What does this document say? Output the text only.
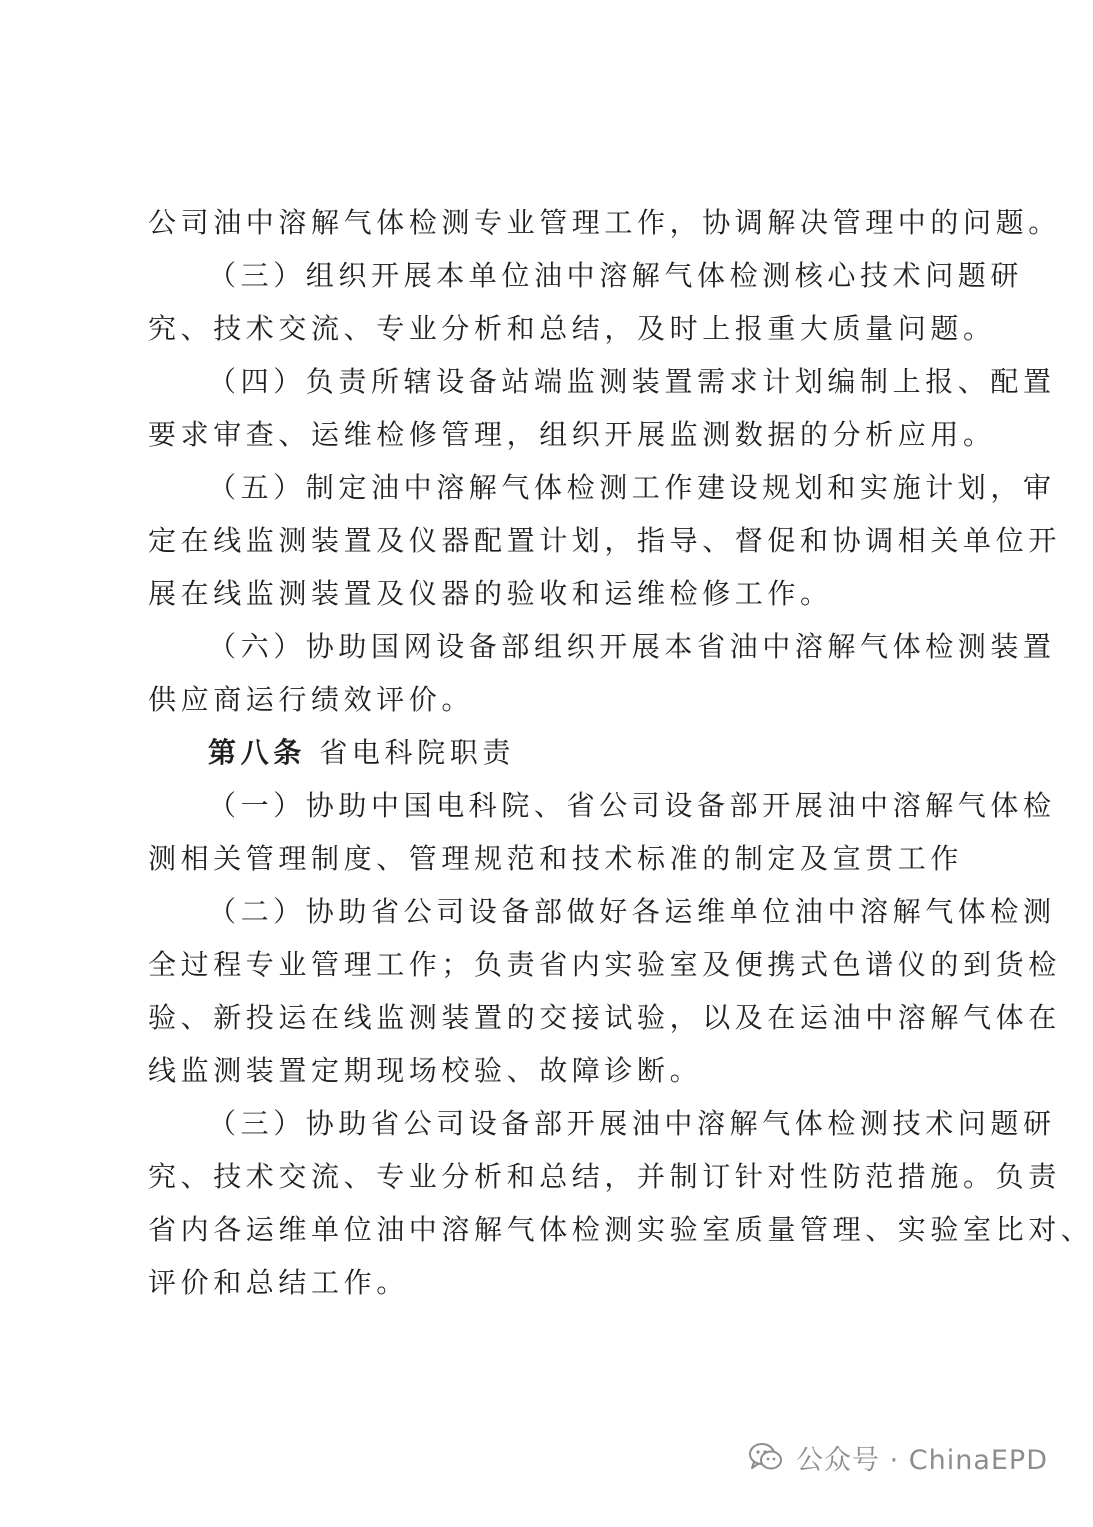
公司油中溶解气体检测专业管理工作，协调解决管理中的问题。
（三）组织开展本单位油中溶解气体检测核心技术问题研
究、技术交流、专业分析和总结，及时上报重大质量问题。
（四）负责所辖设备站端监测装置需求计划编制上报、配置
要求审查、运维检修管理，组织开展监测数据的分析应用。
（五）制定油中溶解气体检测工作建设规划和实施计划，审
定在线监测装置及仪器配置计划，指导、督促和协调相关单位开
展在线监测装置及仪器的验收和运维检修工作。
（六）协助国网设备部组织开展本省油中溶解气体检测装置
供应商运行绩效评价。
第八条 省电科院职责
（一）协助中国电科院、省公司设备部开展油中溶解气体检
测相关管理制度、管理规范和技术标准的制定及宣贯工作
（二）协助省公司设备部做好各运维单位油中溶解气体检测
全过程专业管理工作；负责省内实验室及便携式色谱仪的到货检
验、新投运在线监测装置的交接试验，以及在运油中溶解气体在
线监测装置定期现场校验、故障诊断。
（三）协助省公司设备部开展油中溶解气体检测技术问题研
究、技术交流、专业分析和总结，并制订针对性防范措施。负责
省内各运维单位油中溶解气体检测实验室质量管理、实验室比对、
评价和总结工作。
公众号 · ChinaEPD
